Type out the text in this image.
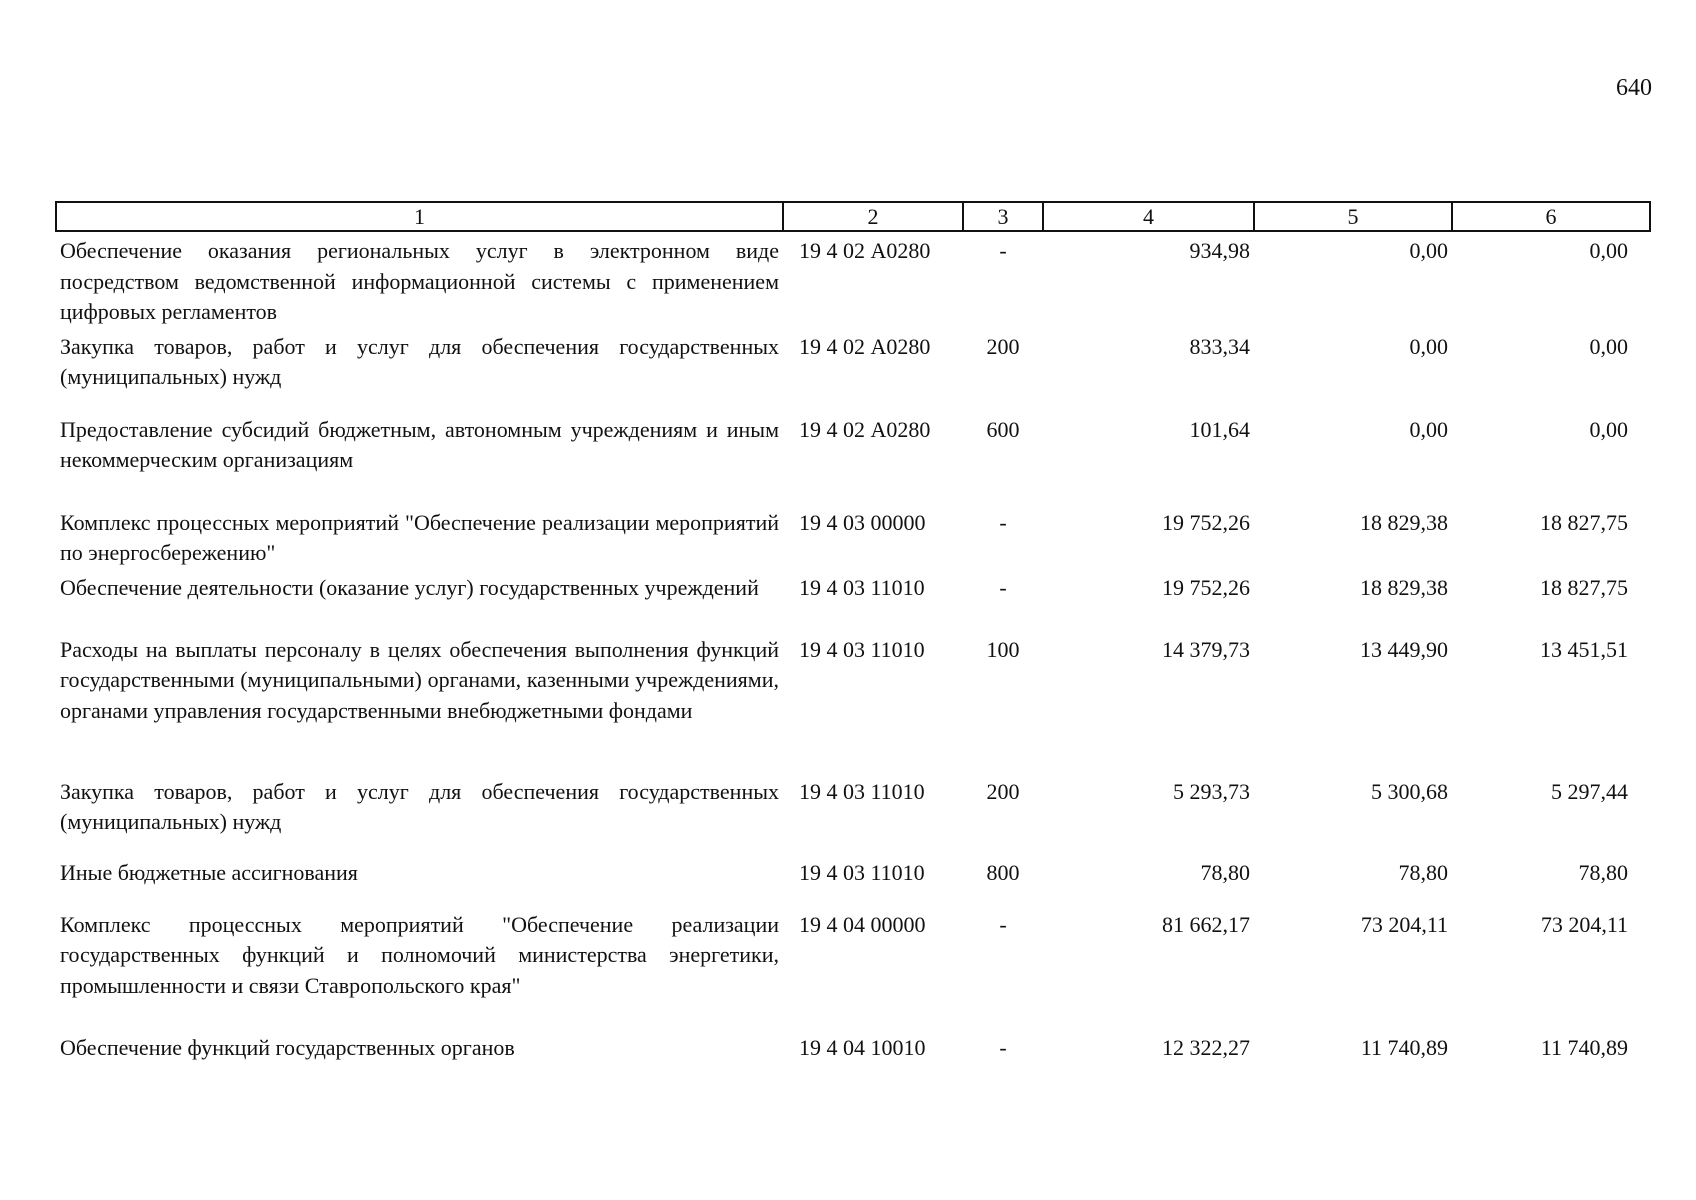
640
1	2	3	4	5	6
Обеспечение оказания региональных услуг в электронном виде посредством ведомственной информационной системы с применением цифровых регламентов	19 4 02 А0280	-	934,98	0,00	0,00
Закупка товаров, работ и услуг для обеспечения государственных (муниципальных) нужд	19 4 02 А0280	200	833,34	0,00	0,00
Предоставление субсидий бюджетным, автономным учреждениям и иным некоммерческим организациям	19 4 02 А0280	600	101,64	0,00	0,00
Комплекс процессных мероприятий "Обеспечение реализации мероприятий по энергосбережению"	19 4 03 00000	-	19 752,26	18 829,38	18 827,75
Обеспечение деятельности (оказание услуг) государственных учреждений	19 4 03 11010	-	19 752,26	18 829,38	18 827,75
Расходы на выплаты персоналу в целях обеспечения выполнения функций государственными (муниципальными) органами, казенными учреждениями, органами управления государственными внебюджетными фондами	19 4 03 11010	100	14 379,73	13 449,90	13 451,51
Закупка товаров, работ и услуг для обеспечения государственных (муниципальных) нужд	19 4 03 11010	200	5 293,73	5 300,68	5 297,44
Иные бюджетные ассигнования	19 4 03 11010	800	78,80	78,80	78,80
Комплекс процессных мероприятий "Обеспечение реализации государственных функций и полномочий министерства энергетики, промышленности и связи Ставропольского края"	19 4 04 00000	-	81 662,17	73 204,11	73 204,11
Обеспечение функций государственных органов	19 4 04 10010	-	12 322,27	11 740,89	11 740,89
